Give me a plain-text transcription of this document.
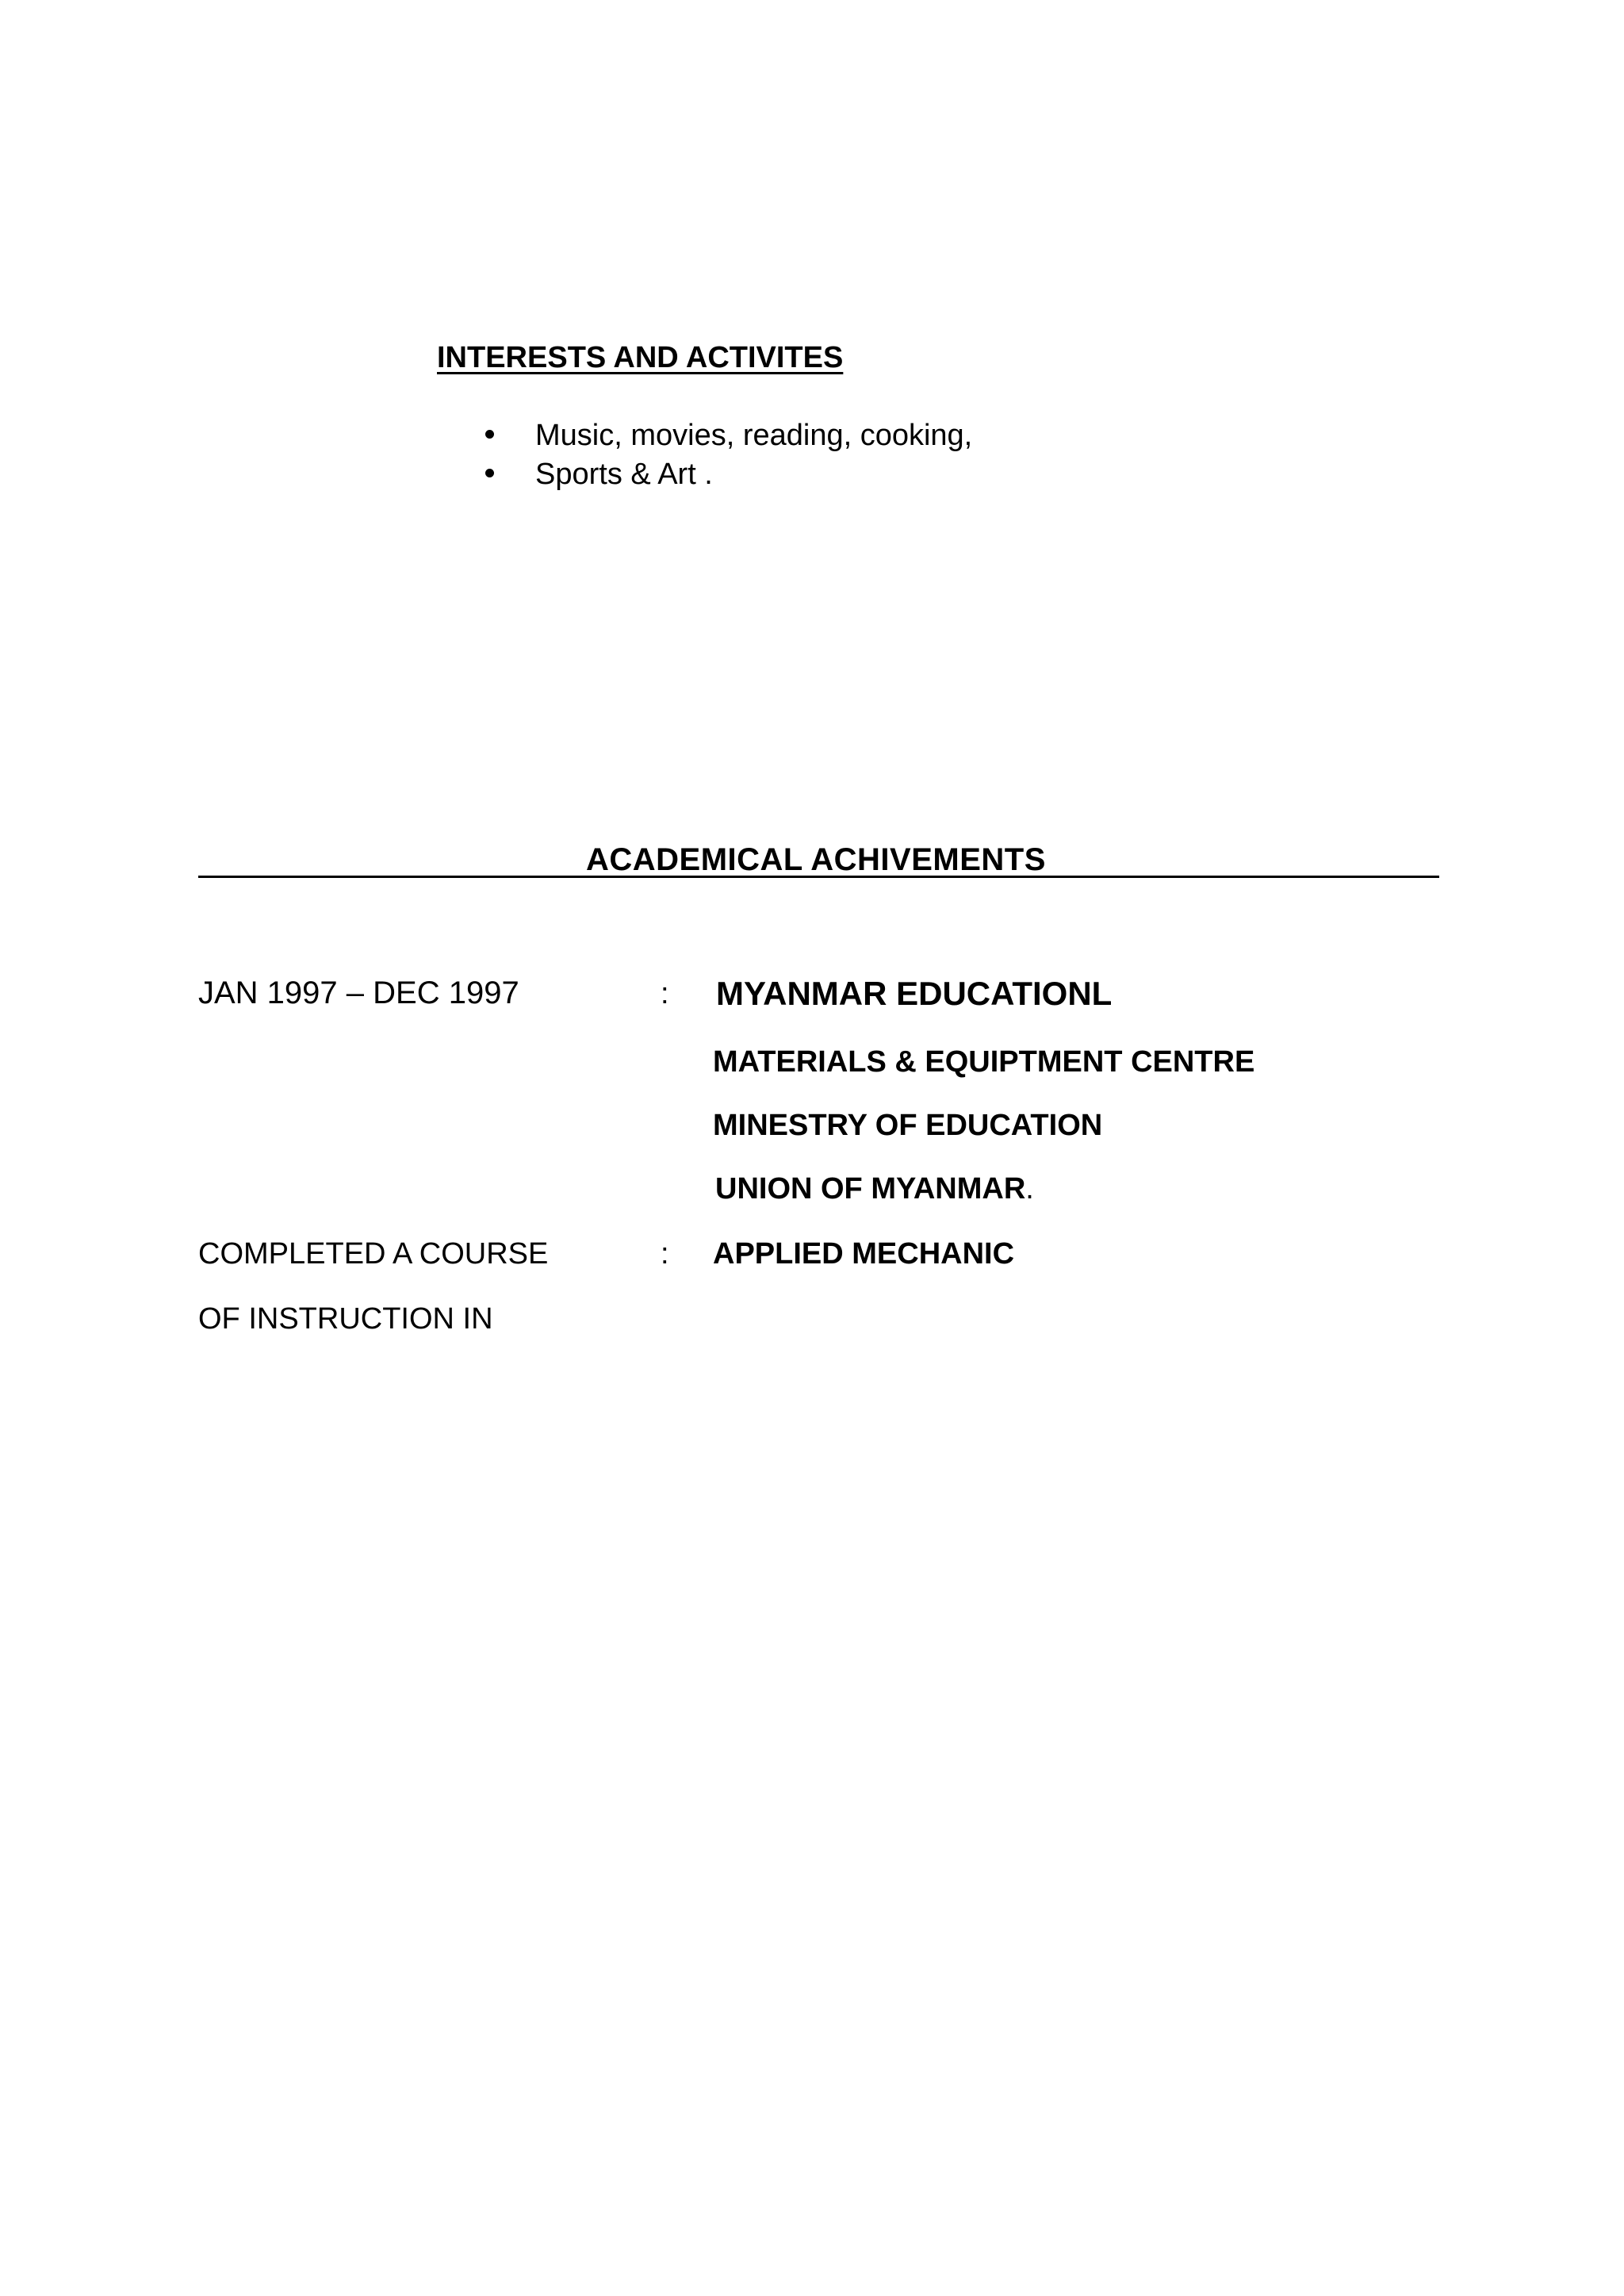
INTERESTS AND ACTIVITES
Music, movies, reading, cooking,
Sports & Art .
ACADEMICAL ACHIVEMENTS
JAN 1997 – DEC 1997	: MYANMAR EDUCATIONL
MATERIALS & EQUIPTMENT CENTRE
MINESTRY OF EDUCATION
UNION OF MYANMAR.
COMPLETED A COURSE	: APPLIED MECHANIC
OF INSTRUCTION IN
